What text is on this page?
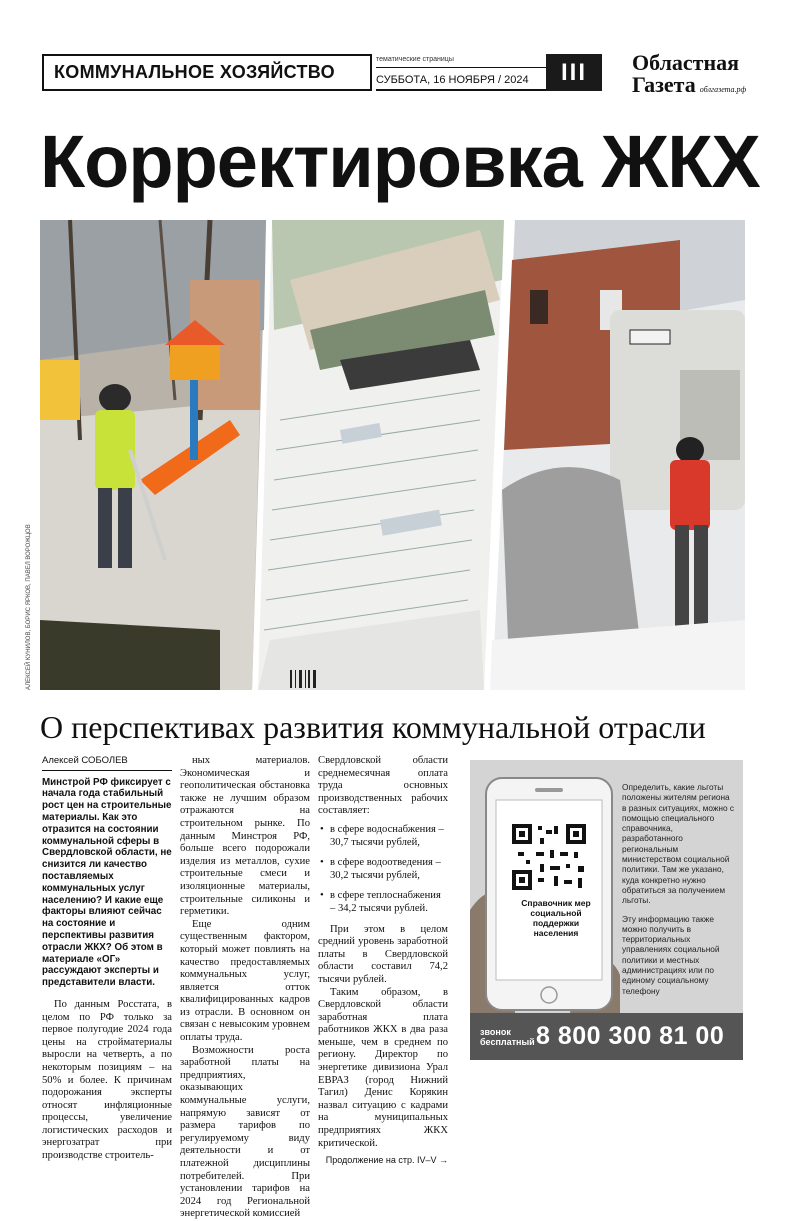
КОММУНАЛЬНОЕ ХОЗЯЙСТВО
тематические страницы
СУББОТА, 16 НОЯБРЯ / 2024	III	Областная
Газета облгазета.рф
Корректировка ЖКХ
АЛЕКСЕЙ КУНИЛОВ, БОРИС ЯРКОВ, ПАВЕЛ ВОРОЖЦОВ
О перспективах развития коммунальной отрасли
Алексей СОБОЛЕВ

Минстрой РФ фиксирует с начала года стабильный рост цен на строительные материалы. Как это отразится на состоянии коммунальной сферы в Свердловской области, не снизится ли качество поставляемых коммунальных услуг населению? И какие еще факторы влияют сейчас на состояние и перспективы развития отрасли ЖКХ? Об этом в материале «ОГ» рассуждают эксперты и представители власти.

По данным Росстата, в целом по РФ только за первое полугодие 2024 года цены на стройматериалы выросли на четверть, а по некоторым позициям – на 50% и более. К причинам подорожания эксперты относят инфляционные процессы, увеличение логистических расходов и энергозатрат при производстве строитель-

ных материалов. Экономическая и геополитическая обстановка также не лучшим образом отражаются на строительном рынке. По данным Минстроя РФ, больше всего подорожали изделия из металлов, сухие строительные смеси и изоляционные материалы, строительные силиконы и герметики.

Еще одним существенным фактором, который может повлиять на качество предоставляемых коммунальных услуг, является отток квалифицированных кадров из отрасли. В основном он связан с невысоким уровнем оплаты труда.

Возможности роста заработной платы на предприятиях, оказывающих коммунальные услуги, напрямую зависят от размера тарифов по регулируемому виду деятельности и от платежной дисциплины потребителей. При установлении тарифов на 2024 год Региональной энергетической комиссией

Свердловской области среднемесячная оплата труда основных производственных рабочих составляет:

• в сфере водоснабжения – 30,7 тысячи рублей,
• в сфере водоотведения – 30,2 тысячи рублей,
• в сфере теплоснабжения – 34,2 тысячи рублей.

При этом в целом средний уровень заработной платы в Свердловской области составил 74,2 тысячи рублей.

Таким образом, в Свердловской области заработная плата работников ЖКХ в два раза меньше, чем в среднем по региону. Директор по энергетике дивизиона Урал ЕВРАЗ (город Нижний Тагил) Денис Корякин назвал ситуацию с кадрами на муниципальных предприятиях ЖКХ критической.

Продолжение на стр. IV–V →

Справочник мер социальной поддержки населения

Определить, какие льготы положены жителям региона в разных ситуациях, можно с помощью специального справочника, разработанного региональным министерством социальной политики. Там же указано, куда конкретно нужно обратиться за получением льготы.

Эту информацию также можно получить в территориальных управлениях социальной политики и местных администрациях или по единому социальному телефону

звонок бесплатный 8 800 300 81 00
